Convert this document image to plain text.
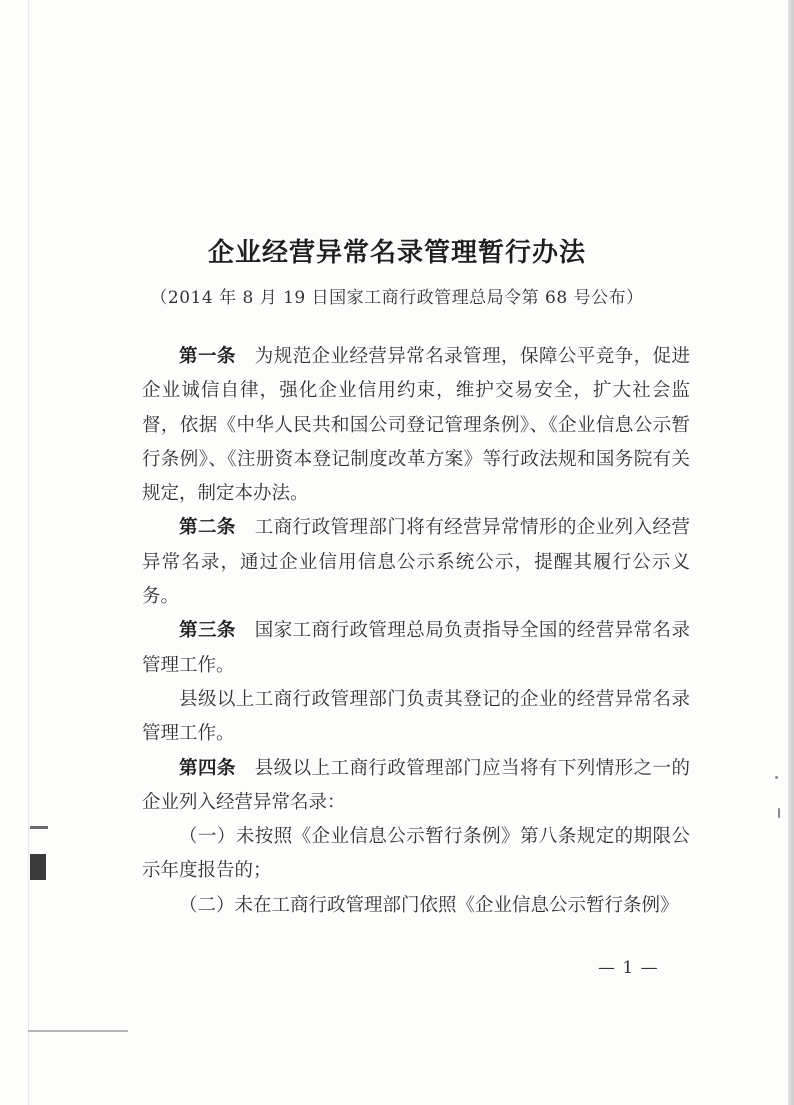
企业经营异常名录管理暂行办法
（2014 年 8 月 19 日国家工商行政管理总局令第 68 号公布）

第一条　为规范企业经营异常名录管理，保障公平竞争，促进企业诚信自律，强化企业信用约束，维护交易安全，扩大社会监督，依据《中华人民共和国公司登记管理条例》、《企业信息公示暂行条例》、《注册资本登记制度改革方案》等行政法规和国务院有关规定，制定本办法。

第二条　工商行政管理部门将有经营异常情形的企业列入经营异常名录，通过企业信用信息公示系统公示，提醒其履行公示义务。

第三条　国家工商行政管理总局负责指导全国的经营异常名录管理工作。

县级以上工商行政管理部门负责其登记的企业的经营异常名录管理工作。

第四条　县级以上工商行政管理部门应当将有下列情形之一的企业列入经营异常名录：

（一）未按照《企业信息公示暂行条例》第八条规定的期限公示年度报告的；

（二）未在工商行政管理部门依照《企业信息公示暂行条例》

— 1 —
